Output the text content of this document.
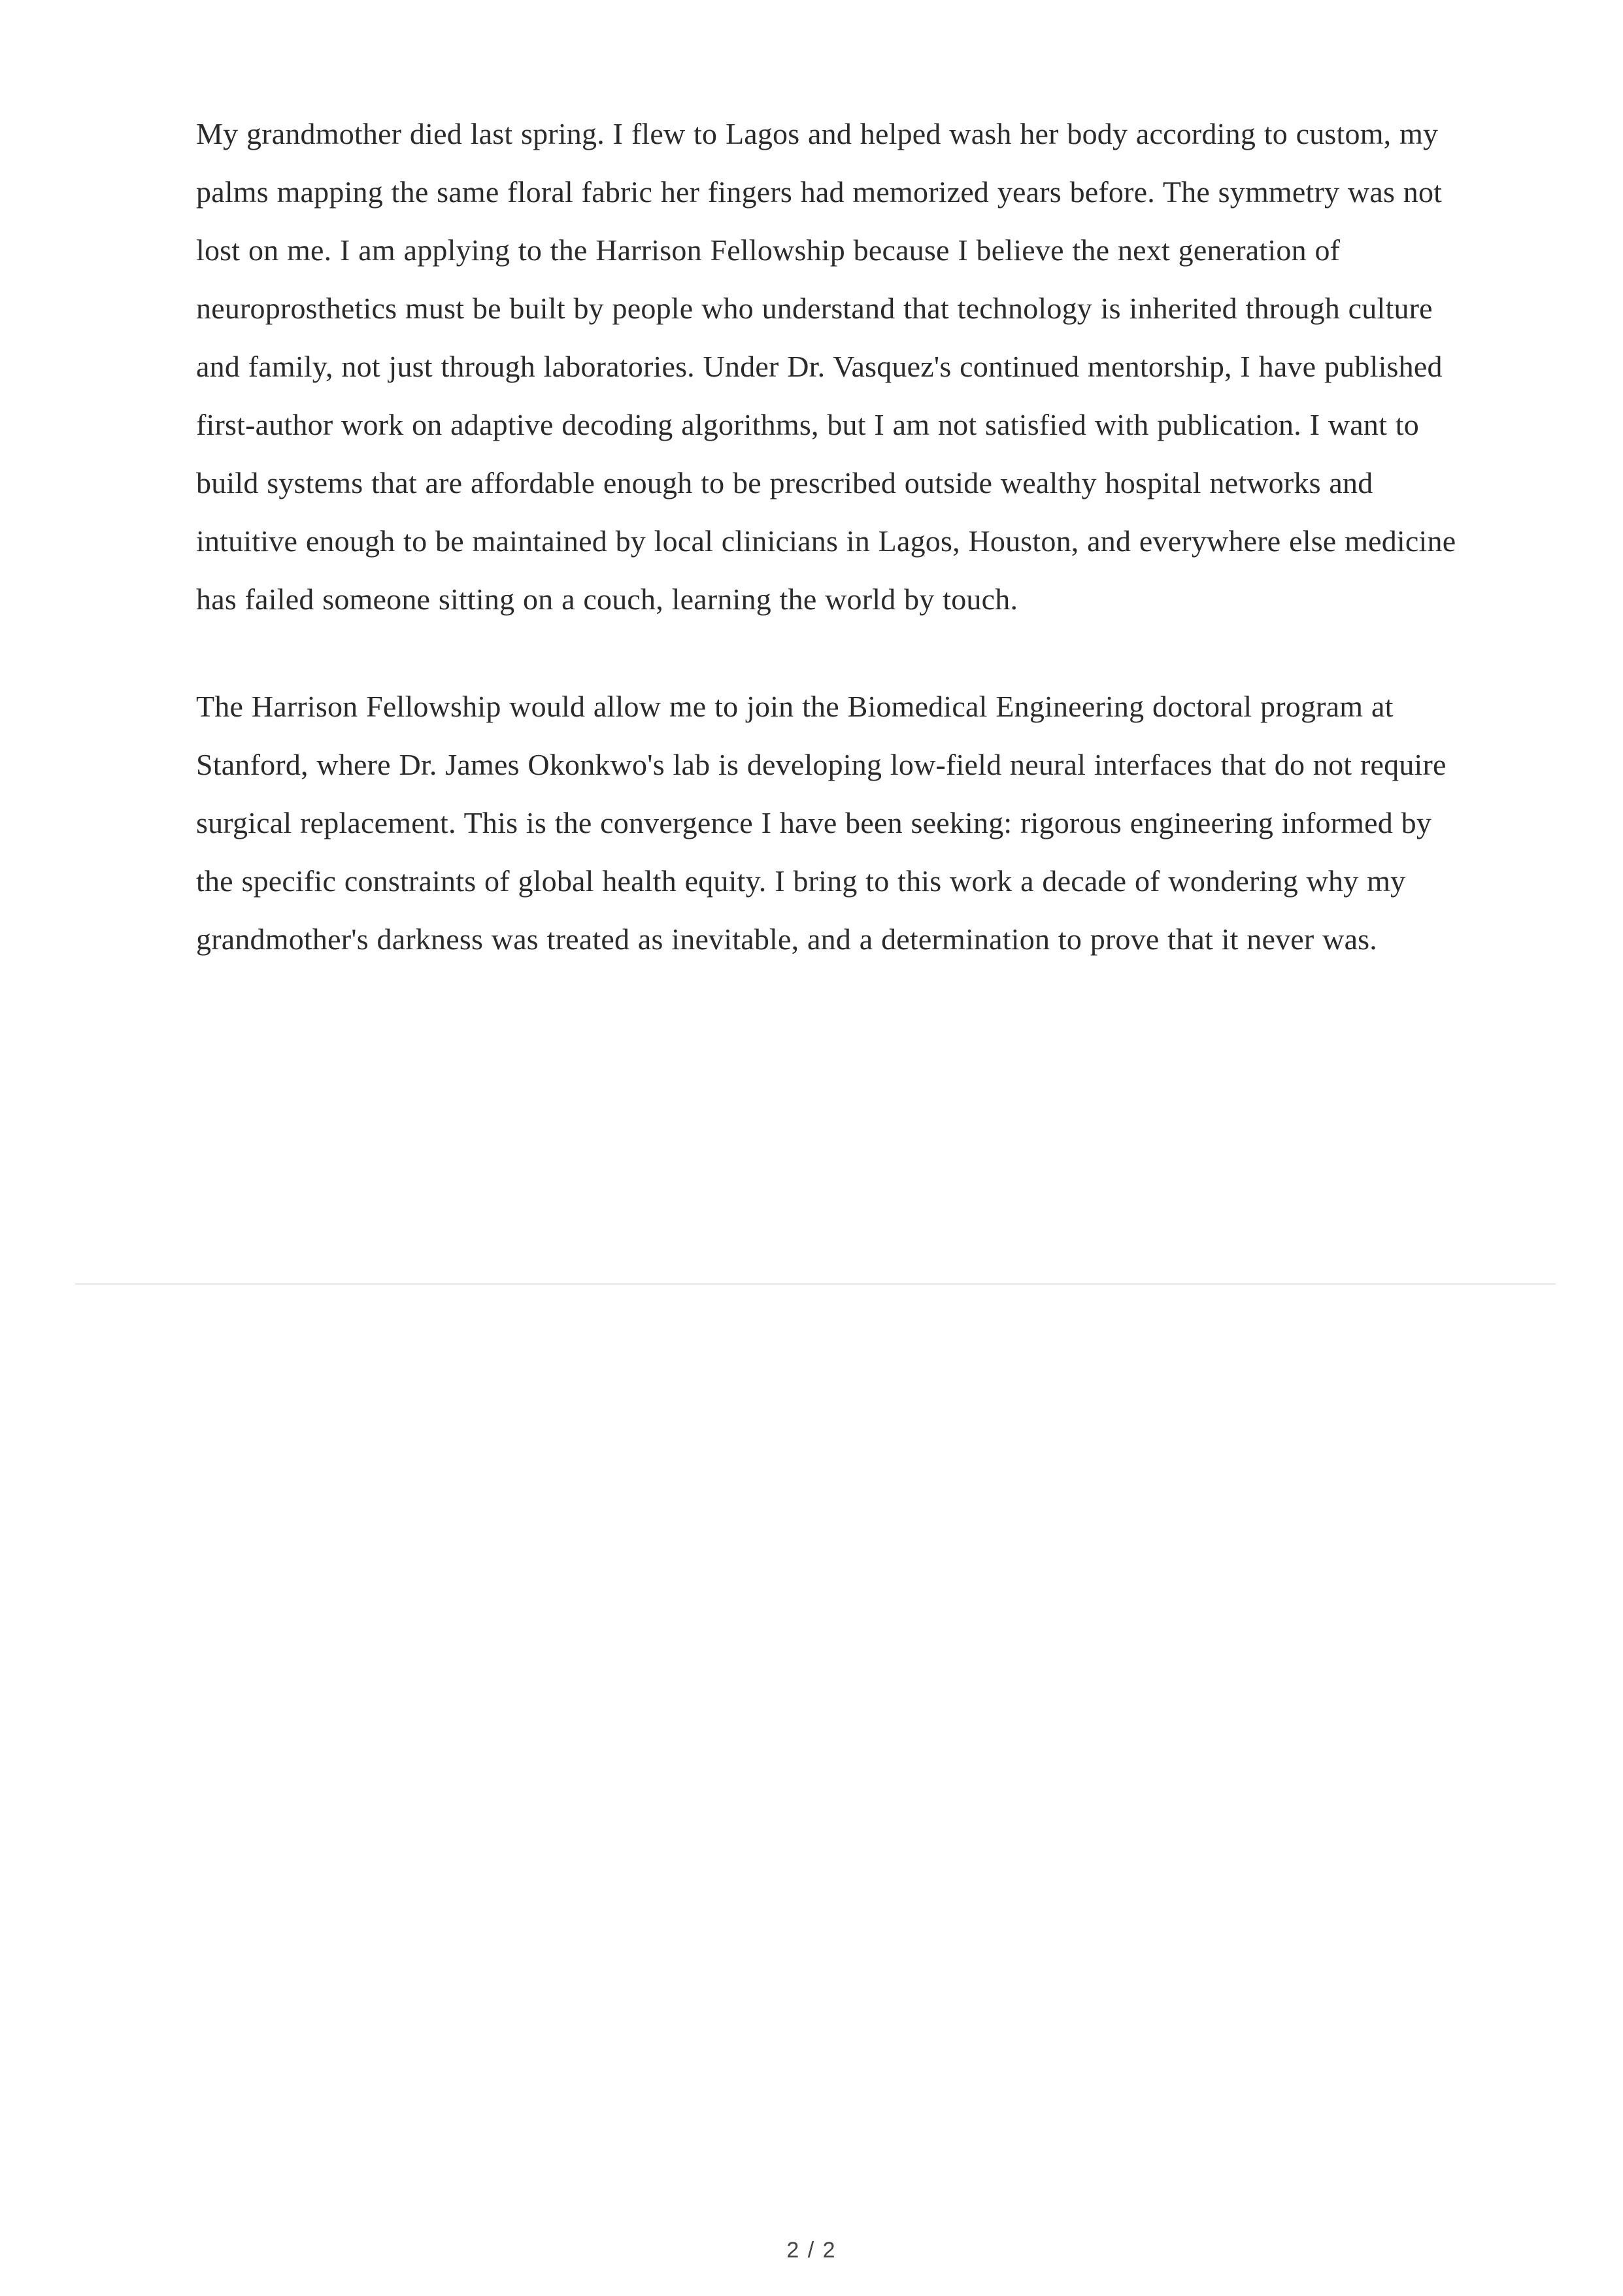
My grandmother died last spring. I flew to Lagos and helped wash her body according to custom, my palms mapping the same floral fabric her fingers had memorized years before. The symmetry was not lost on me. I am applying to the Harrison Fellowship because I believe the next generation of neuroprosthetics must be built by people who understand that technology is inherited through culture and family, not just through laboratories. Under Dr. Vasquez's continued mentorship, I have published first-author work on adaptive decoding algorithms, but I am not satisfied with publication. I want to build systems that are affordable enough to be prescribed outside wealthy hospital networks and intuitive enough to be maintained by local clinicians in Lagos, Houston, and everywhere else medicine has failed someone sitting on a couch, learning the world by touch.

The Harrison Fellowship would allow me to join the Biomedical Engineering doctoral program at Stanford, where Dr. James Okonkwo's lab is developing low-field neural interfaces that do not require surgical replacement. This is the convergence I have been seeking: rigorous engineering informed by the specific constraints of global health equity. I bring to this work a decade of wondering why my grandmother's darkness was treated as inevitable, and a determination to prove that it never was.

2 / 2
